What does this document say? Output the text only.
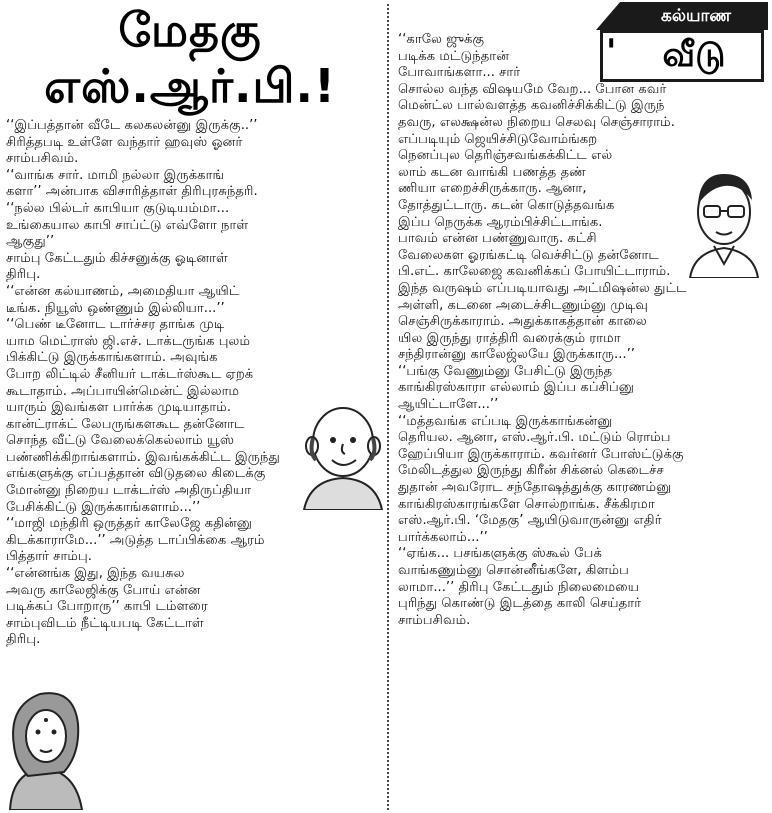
மேதகு
எஸ்.ஆர்.பி.!
கல்யாண
'	வீடு

‘‘இப்பத்தான் வீடே கலகலன்னு இருக்கு..’’
சிரித்தபடி உள்ளே வந்தார் ஹவுஸ் ஓனர்
சாம்பசிவம்.

‘‘வாங்க சார். மாமி நல்லா இருக்காங்
களா’’ அன்பாக விசாரித்தாள் திரிபுரசுந்தரி.

‘‘நல்ல பில்டர் காபியா குடுடியம்மா...
உங்கையால காபி சாப்ட்டு எவ்ளோ நாள்
ஆகுது’’

சாம்பு கேட்டதும் கிச்சனுக்கு ஓடினாள்
திரிபு.

‘‘என்ன கல்யாணம், அமைதியா ஆயிட்
டீங்க. நியூஸ் ஒண்ணும் இல்லியா...’’

‘‘பெண் டீனோட டார்ச்சர தாங்க முடி
யாம மெட்ராஸ் ஜி.எச். டாக்டருங்க புலம்
பிக்கிட்டு இருக்காங்களாம். அவுங்க
போற லிட்டில் சீனியர் டாக்டர்ஸ்கூட ஏறக்
கூடாதாம். அப்பாயின்மென்ட் இல்லாம
யாரும் இவங்கள பார்க்க முடியாதாம்.
கான்ட்ராக்ட் லேபருங்களகூட தன்னோட
சொந்த வீட்டு வேலைக்கெல்லாம் யூஸ்
பண்ணிக்கிறாங்களாம். இவங்கக்கிட்ட இருந்து
எங்களுக்கு எப்பத்தான் விடுதலை கிடைக்கு
மோன்னு நிறைய டாக்டர்ஸ் அதிருப்தியா
பேசிக்கிட்டு இருக்காங்களாம்...’’

‘‘மாஜி மந்திரி ஒருத்தர் காலேஜே கதின்னு
கிடக்காராமே...’’ அடுத்த டாப்பிக்கை ஆரம்
பித்தார் சாம்பு.

‘‘என்னங்க இது, இந்த வயசுல
அவரு காலேஜிக்கு போய் என்ன
படிக்கப் போறாரு’’ காபி டம்ளரை
சாம்புவிடம் நீட்டியபடி கேட்டாள்
திரிபு.

‘‘காலே ஜுக்கு
படிக்க மட்டுந்தான்
போவாங்களா... சார்
சொல்ல வந்த விஷயமே வேற... போன கவர்
மென்ட்ல பால்வளத்த கவனிச்சிக்கிட்டு இருந்
தவரு, எலக்ஷன்ல நிறைய செலவு செஞ்சாராம்.
எப்படியும் ஜெயிச்சிடுவோம்ங்கற
நெனப்புல தெரிஞ்சவங்கக்கிட்ட எல்
லாம் கடன வாங்கி பணத்த தண்
ணியா எறைச்சிருக்காரு. ஆனா,
தோத்துட்டாரு. கடன் கொடுத்தவங்க
இப்ப நெருக்க ஆரம்பிச்சிட்டாங்க.
பாவம் என்ன பண்ணுவாரு. கட்சி
வேலைகள ஓரங்கட்டி வெச்சிட்டு தன்னோட
பி.எட். காலேஜை கவனிக்கப் போயிட்டாராம்.
இந்த வருஷம் எப்படியாவது அட்மிஷன்ல துட்ட
அள்ளி, கடனை அடைச்சிடணும்னு முடிவு
செஞ்சிருக்காராம். அதுக்காகத்தான் காலை
யில இருந்து ராத்திரி வரைக்கும் ராமா
சந்திரான்னு காலேஜ்லயே இருக்காரு...’’

‘‘பங்கு வேணும்னு பேசிட்டு இருந்த
காங்கிரஸ்காரா எல்லாம் இப்ப கப்சிப்னு
ஆயிட்டாளே...’’

‘‘மத்தவங்க எப்படி இருக்காங்கன்னு
தெரியல. ஆனா, எஸ்.ஆர்.பி. மட்டும் ரொம்ப
ஹேப்பியா இருக்காராம். கவர்னர் போஸ்ட்டுக்கு
மேலிடத்துல இருந்து கிரீன் சிக்னல் கெடைச்ச
துதான் அவரோட சந்தோஷத்துக்கு காரணம்னு
காங்கிரஸ்காரங்களே சொல்றாங்க. சீக்கிரமா
எஸ்.ஆர்.பி. ‘மேதகு’ ஆயிடுவாருன்னு எதிர்
பார்க்கலாம்...’’

‘‘ஏங்க... பசங்களுக்கு ஸ்கூல் பேக்
வாங்கணும்னு சொன்னீங்களே, கிளம்ப
லாமா...’’ திரிபு கேட்டதும் நிலைமையை
புரிந்து கொண்டு இடத்தை காலி செய்தார்
சாம்பசிவம்.
